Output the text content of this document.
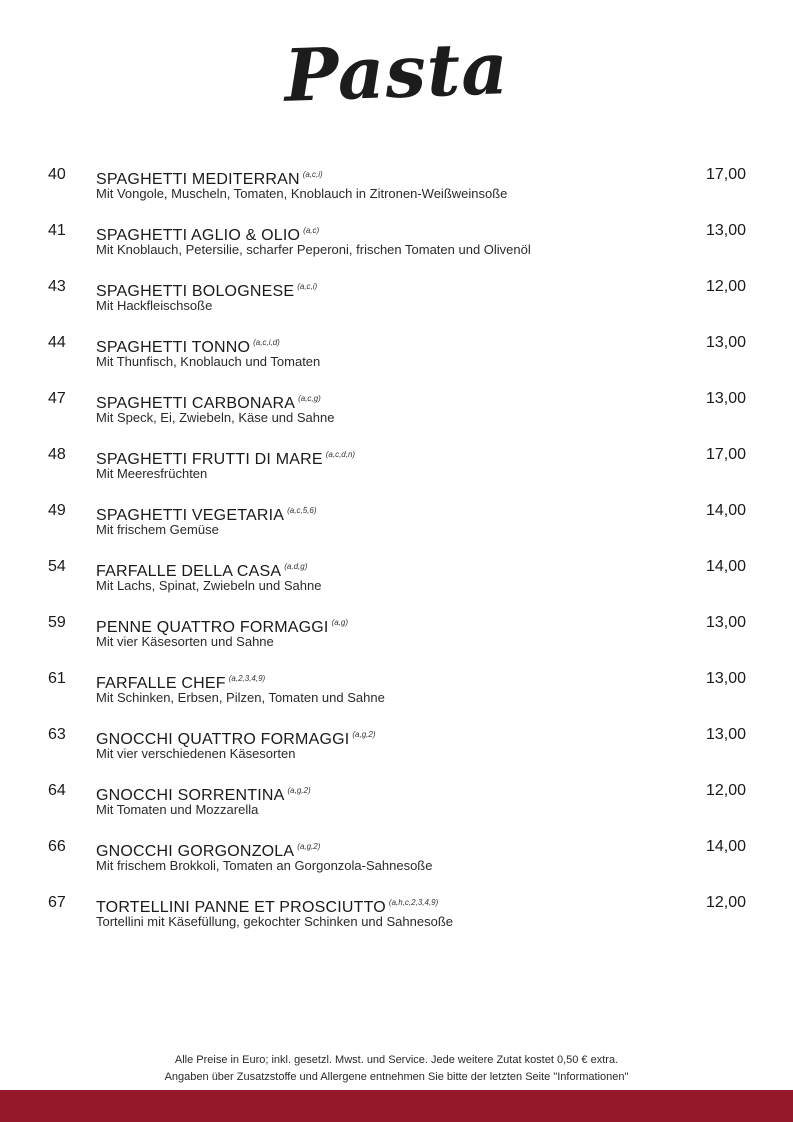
Pasta
40 SPAGHETTI MEDITERRAN $^{(a,c,i)}$
Mit Vongole, Muscheln, Tomaten, Knoblauch in Zitronen-Weißweinsoße
17,00
41 SPAGHETTI AGLIO & OLIO $^{(a,c)}$
Mit Knoblauch, Petersilie, scharfer Peperoni, frischen Tomaten und Olivenöl
13,00
43 SPAGHETTI BOLOGNESE $^{(a,c,i)}$
Mit Hackfleischsoße
12,00
44 SPAGHETTI TONNO $^{(a,c,i,d)}$
Mit Thunfisch, Knoblauch und Tomaten
13,00
47 SPAGHETTI CARBONARA $^{(a,c,g)}$
Mit Speck, Ei, Zwiebeln, Käse und Sahne
13,00
48 SPAGHETTI FRUTTI DI MARE $^{(a,c,d,n)}$
Mit Meeresfrüchten
17,00
49 SPAGHETTI VEGETARIA $^{(a,c,5,6)}$
Mit frischem Gemüse
14,00
54 FARFALLE DELLA CASA $^{(a,d,g)}$
Mit Lachs, Spinat, Zwiebeln und Sahne
14,00
59 PENNE QUATTRO FORMAGGI $^{(a,g)}$
Mit vier Käsesorten und Sahne
13,00
61 FARFALLE CHEF $^{(a,2,3,4,9)}$
Mit Schinken, Erbsen, Pilzen, Tomaten und Sahne
13,00
63 GNOCCHI QUATTRO FORMAGGI $^{(a,g,2)}$
Mit vier verschiedenen Käsesorten
13,00
64 GNOCCHI SORRENTINA $^{(a,g,2)}$
Mit Tomaten und Mozzarella
12,00
66 GNOCCHI GORGONZOLA $^{(a,g,2)}$
Mit frischem Brokkoli, Tomaten an Gorgonzola-Sahnesoße
14,00
67 TORTELLINI PANNE ET PROSCIUTTO $^{(a,h,c,2,3,4,9)}$
Tortellini mit Käsefüllung, gekochter Schinken und Sahnesoße
12,00
Alle Preise in Euro; inkl. gesetzl. Mwst. und Service. Jede weitere Zutat kostet 0,50 € extra.
Angaben über Zusatzstoffe und Allergene entnehmen Sie bitte der letzten Seite "Informationen"
